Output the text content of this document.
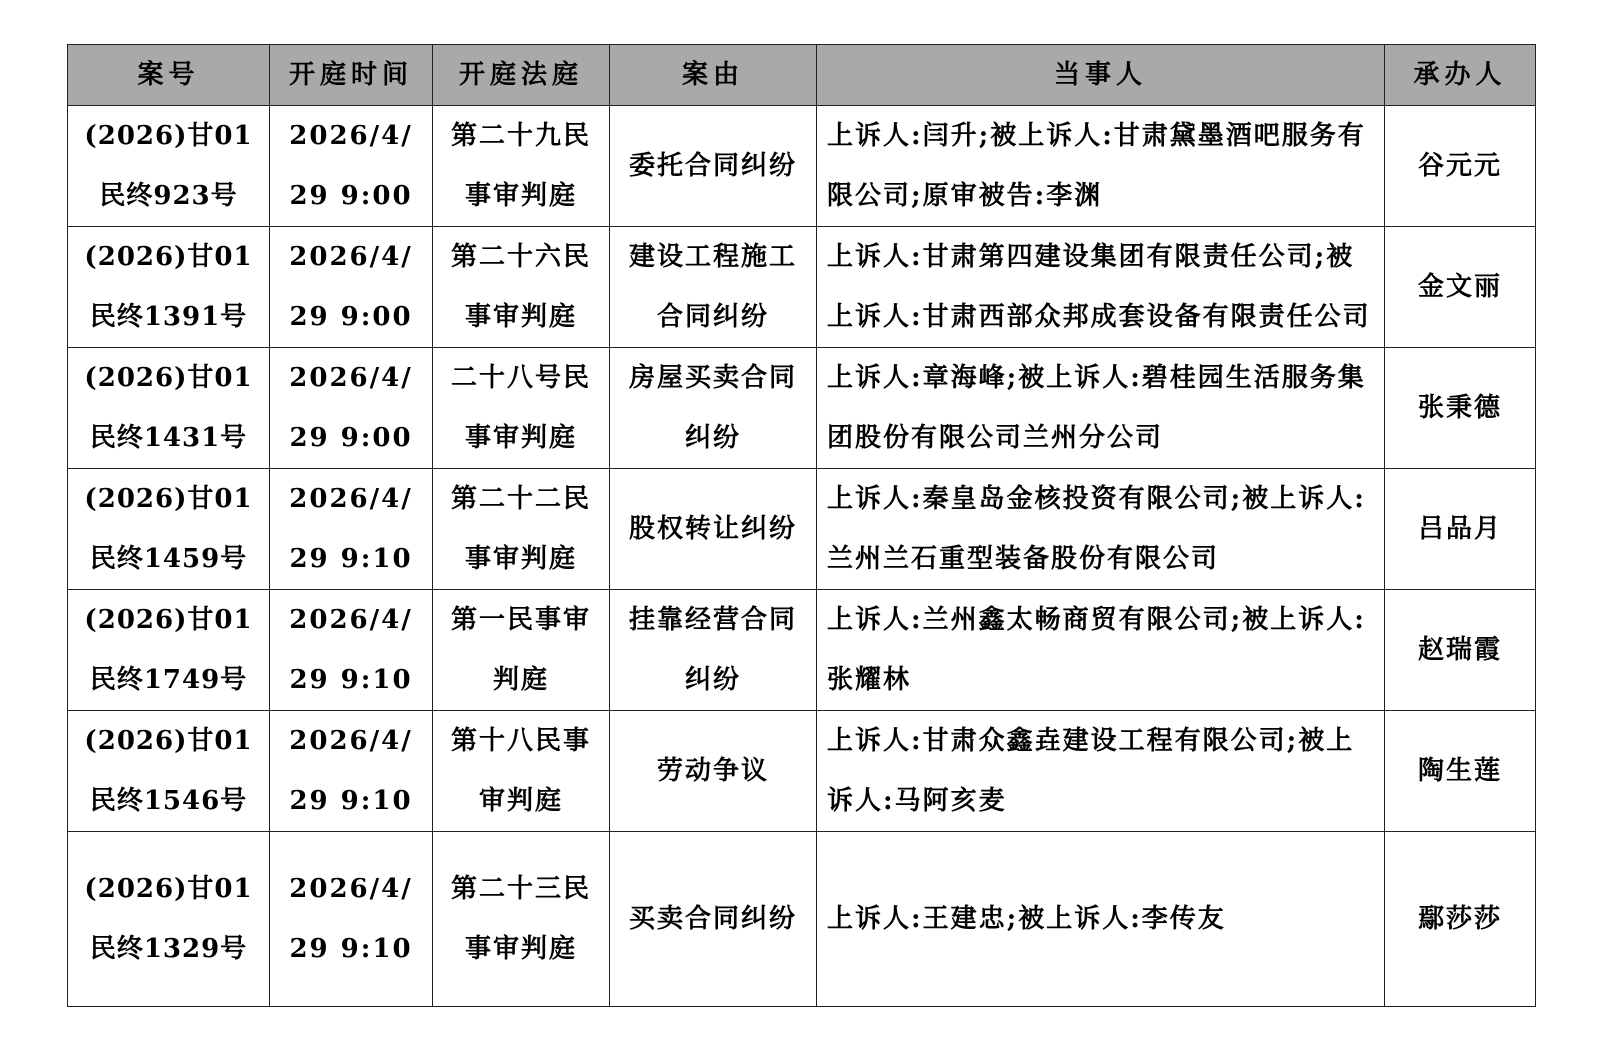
案号	开庭时间	开庭法庭	案由	当事人	承办人

(2026)甘01民终923号	2026/4/29 9:00	第二十九民事审判庭	委托合同纠纷	上诉人:闫升;被上诉人:甘肃黛墨酒吧服务有限公司;原审被告:李渊	谷元元

(2026)甘01民终1391号	2026/4/29 9:00	第二十六民事审判庭	建设工程施工合同纠纷	上诉人:甘肃第四建设集团有限责任公司;被上诉人:甘肃西部众邦成套设备有限责任公司	金文丽

(2026)甘01民终1431号	2026/4/29 9:00	二十八号民事审判庭	房屋买卖合同纠纷	上诉人:章海峰;被上诉人:碧桂园生活服务集团股份有限公司兰州分公司	张秉德

(2026)甘01民终1459号	2026/4/29 9:10	第二十二民事审判庭	股权转让纠纷	上诉人:秦皇岛金核投资有限公司;被上诉人:兰州兰石重型装备股份有限公司	吕品月

(2026)甘01民终1749号	2026/4/29 9:10	第一民事审判庭	挂靠经营合同纠纷	上诉人:兰州鑫太畅商贸有限公司;被上诉人:张耀林	赵瑞霞

(2026)甘01民终1546号	2026/4/29 9:10	第十八民事审判庭	劳动争议	上诉人:甘肃众鑫垚建设工程有限公司;被上诉人:马阿亥麦	陶生莲

(2026)甘01民终1329号	2026/4/29 9:10	第二十三民事审判庭	买卖合同纠纷	上诉人:王建忠;被上诉人:李传友	鄢莎莎
